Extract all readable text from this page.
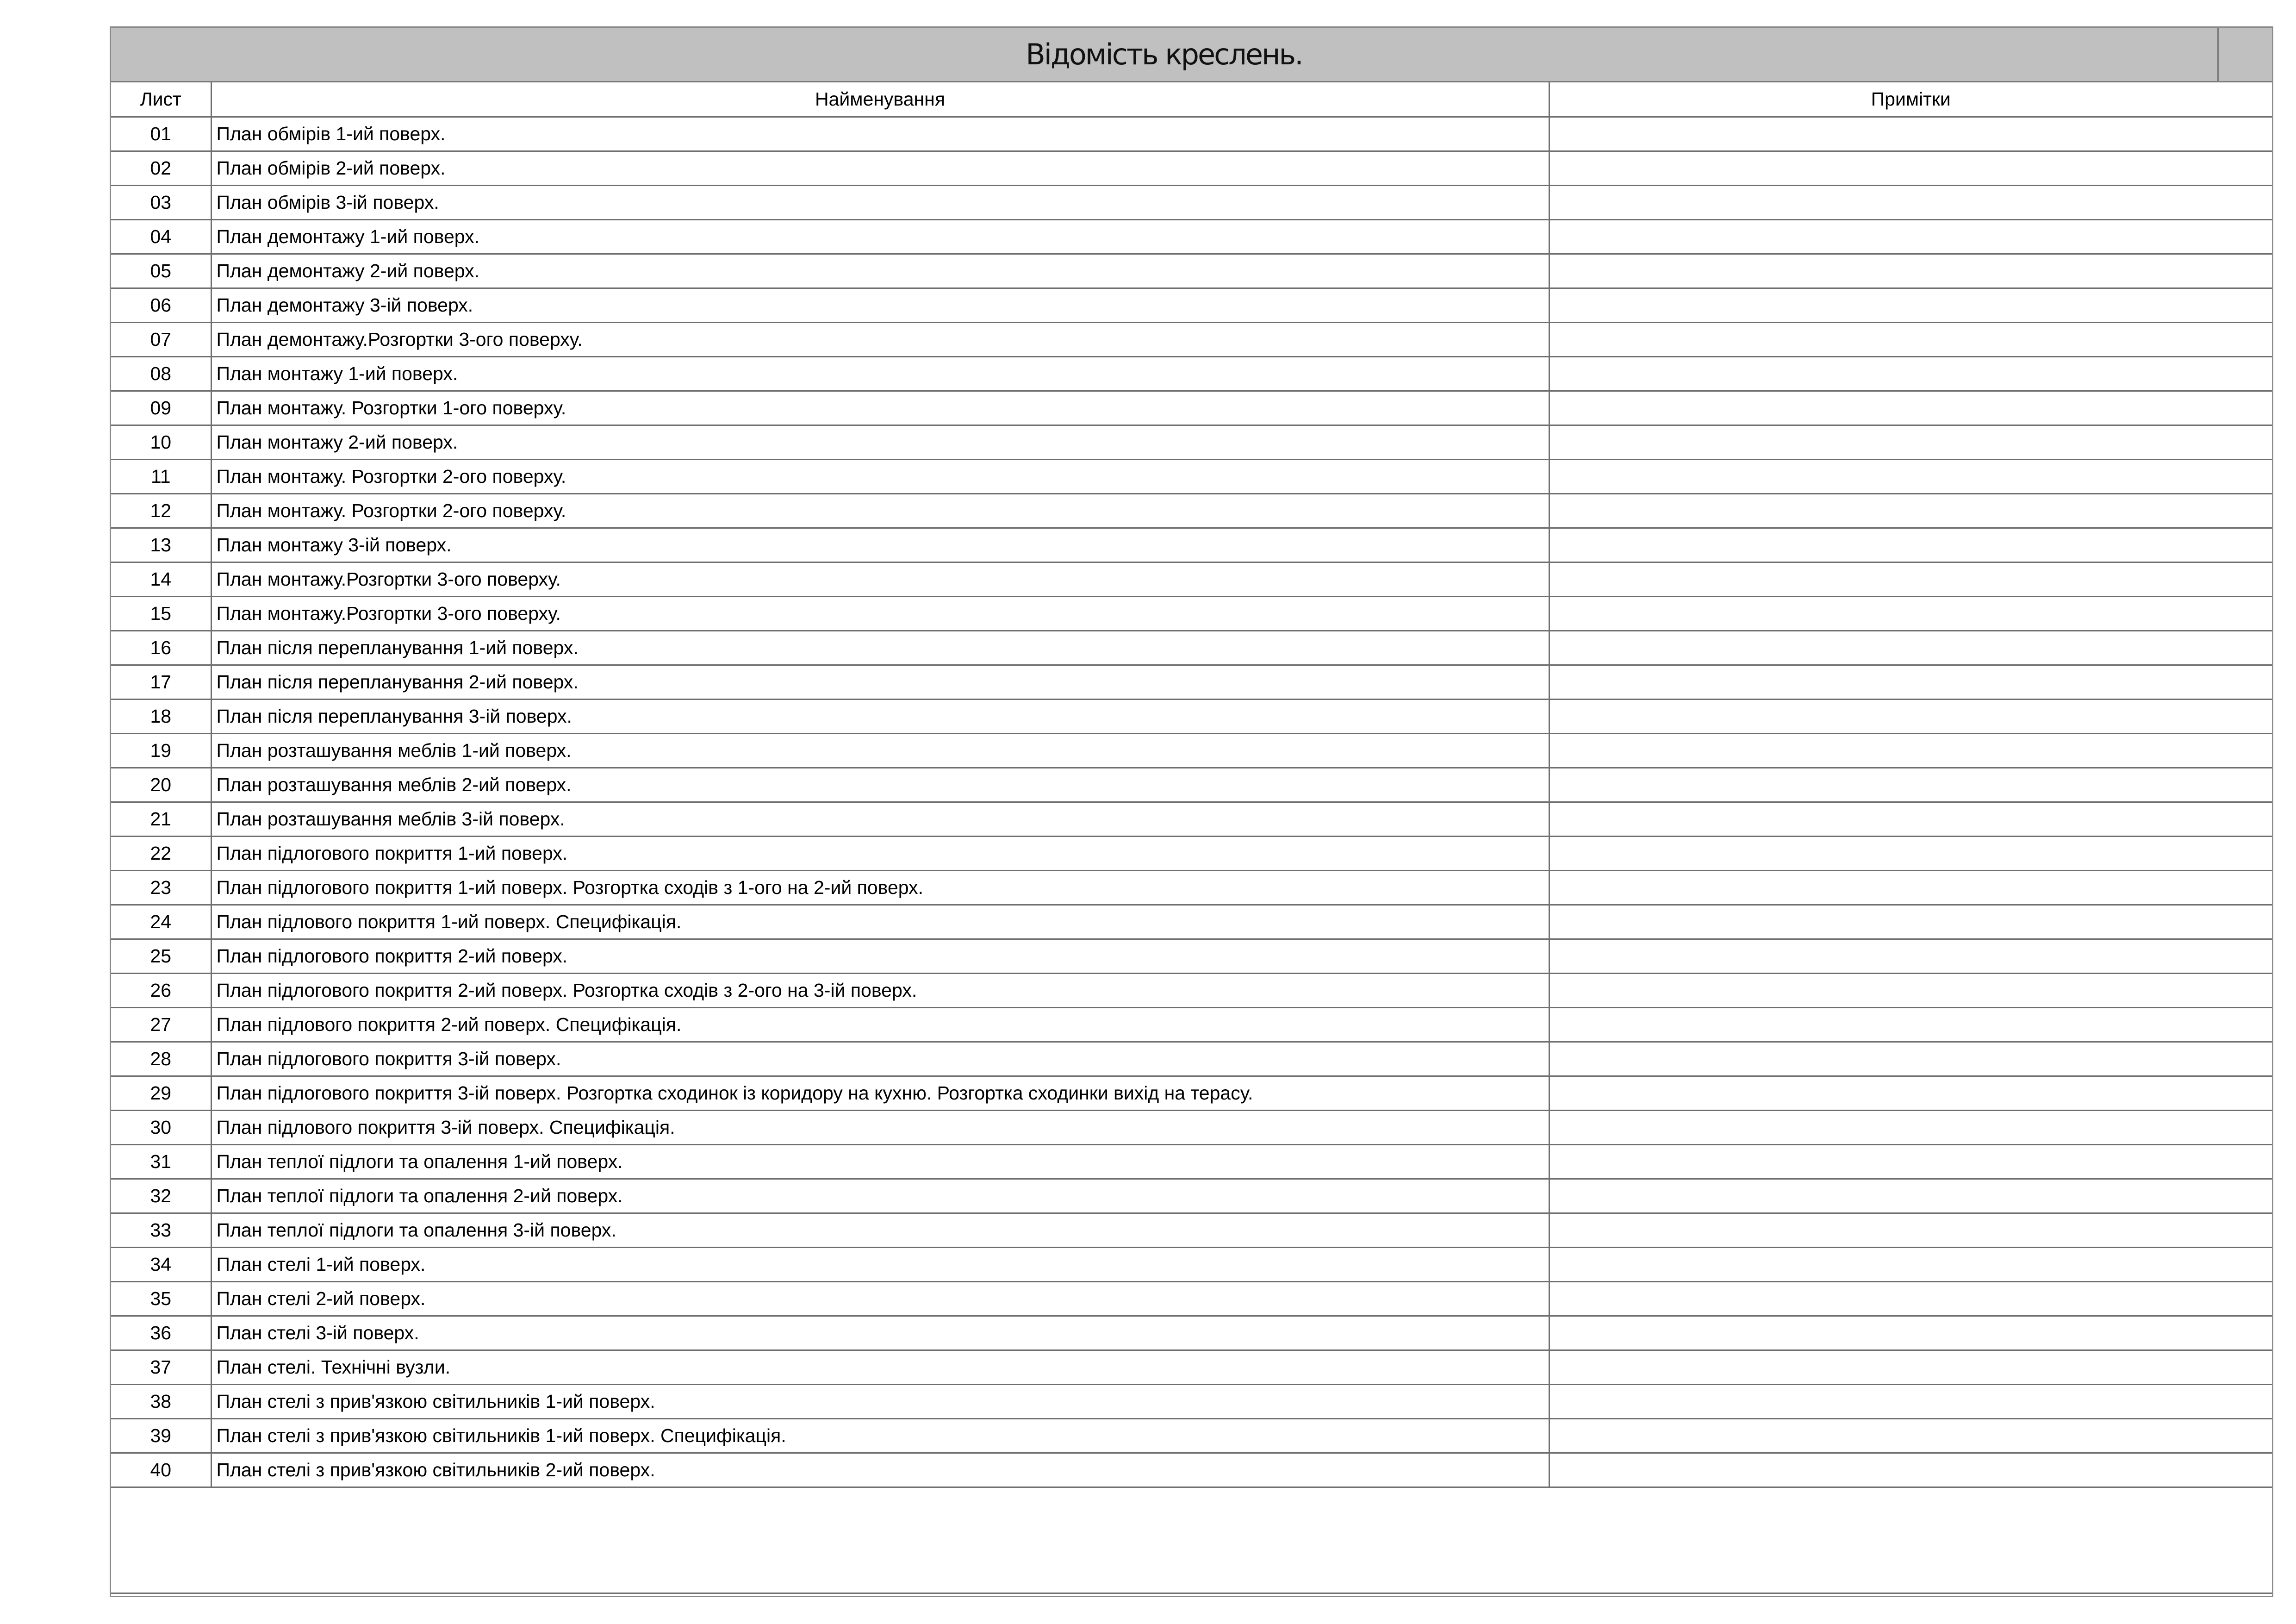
Відомість креслень.
Лист	Найменування	Примітки
01	План обмірів 1-ий поверх.	
02	План обмірів 2-ий поверх.	
03	План обмірів 3-ій поверх.	
04	План демонтажу 1-ий поверх.	
05	План демонтажу 2-ий поверх.	
06	План демонтажу 3-ій поверх.	
07	План демонтажу.Розгортки 3-ого поверху.	
08	План монтажу 1-ий поверх.	
09	План монтажу. Розгортки 1-ого поверху.	
10	План монтажу 2-ий поверх.	
11	План монтажу. Розгортки 2-ого поверху.	
12	План монтажу. Розгортки 2-ого поверху.	
13	План монтажу 3-ій поверх.	
14	План монтажу.Розгортки 3-ого поверху.	
15	План монтажу.Розгортки 3-ого поверху.	
16	План після перепланування 1-ий поверх.	
17	План після перепланування 2-ий поверх.	
18	План після перепланування 3-ій поверх.	
19	План розташування меблів 1-ий поверх.	
20	План розташування меблів 2-ий поверх.	
21	План розташування меблів 3-ій поверх.	
22	План підлогового покриття 1-ий поверх.	
23	План підлогового покриття 1-ий поверх. Розгортка сходів з 1-ого на 2-ий поверх.	
24	План підлового покриття 1-ий поверх. Специфікація.	
25	План підлогового покриття 2-ий поверх.	
26	План підлогового покриття 2-ий поверх. Розгортка сходів з 2-ого на 3-ій поверх.	
27	План підлового покриття 2-ий поверх. Специфікація.	
28	План підлогового покриття 3-ій поверх.	
29	План підлогового покриття 3-ій поверх. Розгортка сходинок із коридору на кухню. Розгортка сходинки вихід на терасу.	
30	План підлового покриття 3-ій поверх. Специфікація.	
31	План теплої підлоги та опалення 1-ий поверх.	
32	План теплої підлоги та опалення 2-ий поверх.	
33	План теплої підлоги та опалення 3-ій поверх.	
34	План стелі 1-ий поверх.	
35	План стелі 2-ий поверх.	
36	План стелі 3-ій поверх.	
37	План стелі. Технічні вузли.	
38	План стелі з прив'язкою світильників 1-ий поверх.	
39	План стелі з прив'язкою світильників 1-ий поверх. Специфікація.	
40	План стелі з прив'язкою світильників 2-ий поверх.	
